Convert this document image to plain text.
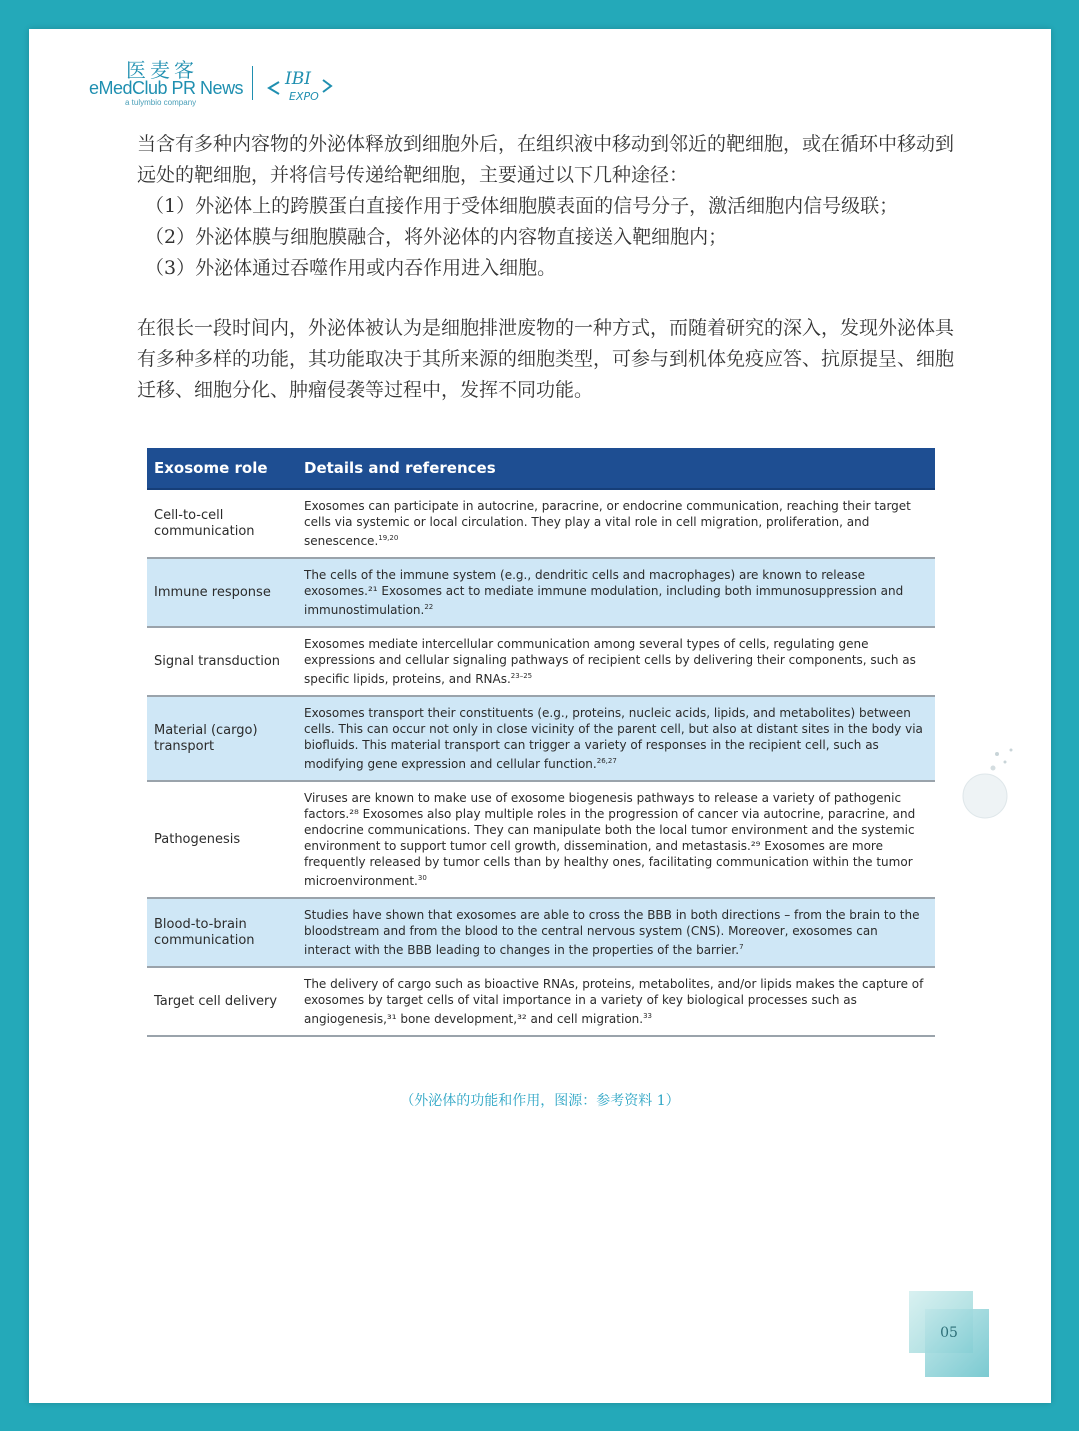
医麦客
eMedClub PR News
a tulymbio company
IBI
EXPO

当含有多种内容物的外泌体释放到细胞外后，在组织液中移动到邻近的靶细胞，或在循环中移动到远处的靶细胞，并将信号传递给靶细胞，主要通过以下几种途径：

（1）外泌体上的跨膜蛋白直接作用于受体细胞膜表面的信号分子，激活细胞内信号级联；

（2）外泌体膜与细胞膜融合，将外泌体的内容物直接送入靶细胞内；

（3）外泌体通过吞噬作用或内吞作用进入细胞。

在很长一段时间内，外泌体被认为是细胞排泄废物的一种方式，而随着研究的深入，发现外泌体具有多种多样的功能，其功能取决于其所来源的细胞类型，可参与到机体免疫应答、抗原提呈、细胞迁移、细胞分化、肿瘤侵袭等过程中，发挥不同功能。

Exosome role	Details and references
Cell-to-cell communication	Exosomes can participate in autocrine, paracrine, or endocrine communication, reaching their target cells via systemic or local circulation. They play a vital role in cell migration, proliferation, and senescence.$^{19,20}$
Immune response	The cells of the immune system (e.g., dendritic cells and macrophages) are known to release exosomes.²¹ Exosomes act to mediate immune modulation, including both immunosuppression and immunostimulation.$^{22}$
Signal transduction	Exosomes mediate intercellular communication among several types of cells, regulating gene expressions and cellular signaling pathways of recipient cells by delivering their components, such as specific lipids, proteins, and RNAs.$^{23-25}$
Material (cargo) transport	Exosomes transport their constituents (e.g., proteins, nucleic acids, lipids, and metabolites) between cells. This can occur not only in close vicinity of the parent cell, but also at distant sites in the body via biofluids. This material transport can trigger a variety of responses in the recipient cell, such as modifying gene expression and cellular function.$^{26,27}$
Pathogenesis	Viruses are known to make use of exosome biogenesis pathways to release a variety of pathogenic factors.²⁸ Exosomes also play multiple roles in the progression of cancer via autocrine, paracrine, and endocrine communications. They can manipulate both the local tumor environment and the systemic environment to support tumor cell growth, dissemination, and metastasis.²⁹ Exosomes are more frequently released by tumor cells than by healthy ones, facilitating communication within the tumor microenvironment.$^{30}$
Blood-to-brain communication	Studies have shown that exosomes are able to cross the BBB in both directions – from the brain to the bloodstream and from the blood to the central nervous system (CNS). Moreover, exosomes can interact with the BBB leading to changes in the properties of the barrier.$^7$
Target cell delivery	The delivery of cargo such as bioactive RNAs, proteins, metabolites, and/or lipids makes the capture of exosomes by target cells of vital importance in a variety of key biological processes such as angiogenesis,³¹ bone development,³² and cell migration.$^{33}$
（外泌体的功能和作用，图源：参考资料 1）
05
